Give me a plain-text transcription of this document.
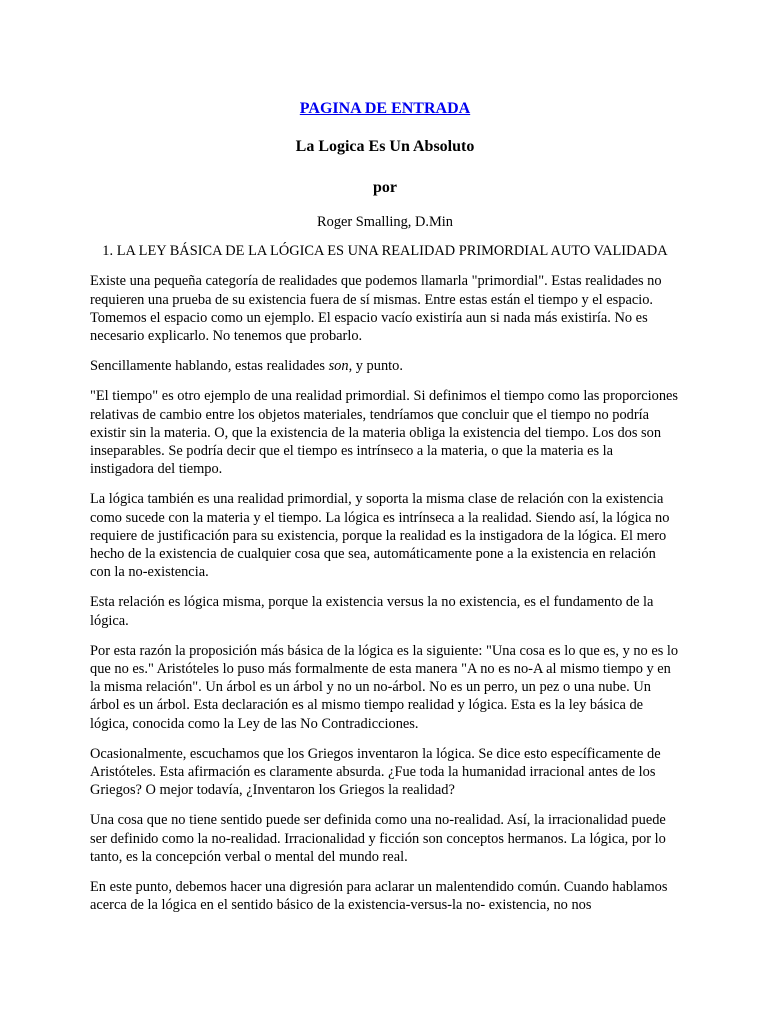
PAGINA DE ENTRADA
La Logica Es Un Absoluto
por
Roger Smalling, D.Min
1. LA LEY BÁSICA DE LA LÓGICA ES UNA REALIDAD PRIMORDIAL AUTO VALIDADA

Existe una pequeña categoría de realidades que podemos llamarla "primordial". Estas realidades no requieren una prueba de su existencia fuera de sí mismas. Entre estas están el tiempo y el espacio. Tomemos el espacio como un ejemplo. El espacio vacío existiría aun si nada más existiría. No es necesario explicarlo. No tenemos que probarlo.

Sencillamente hablando, estas realidades son, y punto.

"El tiempo" es otro ejemplo de una realidad primordial. Si definimos el tiempo como las proporciones relativas de cambio entre los objetos materiales, tendríamos que concluir que el tiempo no podría existir sin la materia. O, que la existencia de la materia obliga la existencia del tiempo. Los dos son inseparables. Se podría decir que el tiempo es intrínseco a la materia, o que la materia es la instigadora del tiempo.

La lógica también es una realidad primordial, y soporta la misma clase de relación con la existencia como sucede con la materia y el tiempo. La lógica es intrínseca a la realidad. Siendo así, la lógica no requiere de justificación para su existencia, porque la realidad es la instigadora de la lógica. El mero hecho de la existencia de cualquier cosa que sea, automáticamente pone a la existencia en relación con la no-existencia.

Esta relación es lógica misma, porque la existencia versus la no existencia, es el fundamento de la lógica.

Por esta razón la proposición más básica de la lógica es la siguiente: "Una cosa es lo que es, y no es lo que no es." Aristóteles lo puso más formalmente de esta manera "A no es no-A al mismo tiempo y en la misma relación". Un árbol es un árbol y no un no-árbol. No es un perro, un pez o una nube. Un árbol es un árbol. Esta declaración es al mismo tiempo realidad y lógica. Esta es la ley básica de lógica, conocida como la Ley de las No Contradicciones.

Ocasionalmente, escuchamos que los Griegos inventaron la lógica. Se dice esto específicamente de Aristóteles. Esta afirmación es claramente absurda. ¿Fue toda la humanidad irracional antes de los Griegos? O mejor todavía, ¿Inventaron los Griegos la realidad?

Una cosa que no tiene sentido puede ser definida como una no-realidad. Así, la irracionalidad puede ser definido como la no-realidad. Irracionalidad y ficción son conceptos hermanos. La lógica, por lo tanto, es la concepción verbal o mental del mundo real.

En este punto, debemos hacer una digresión para aclarar un malentendido común. Cuando hablamos acerca de la lógica en el sentido básico de la existencia-versus-la no- existencia, no nos
